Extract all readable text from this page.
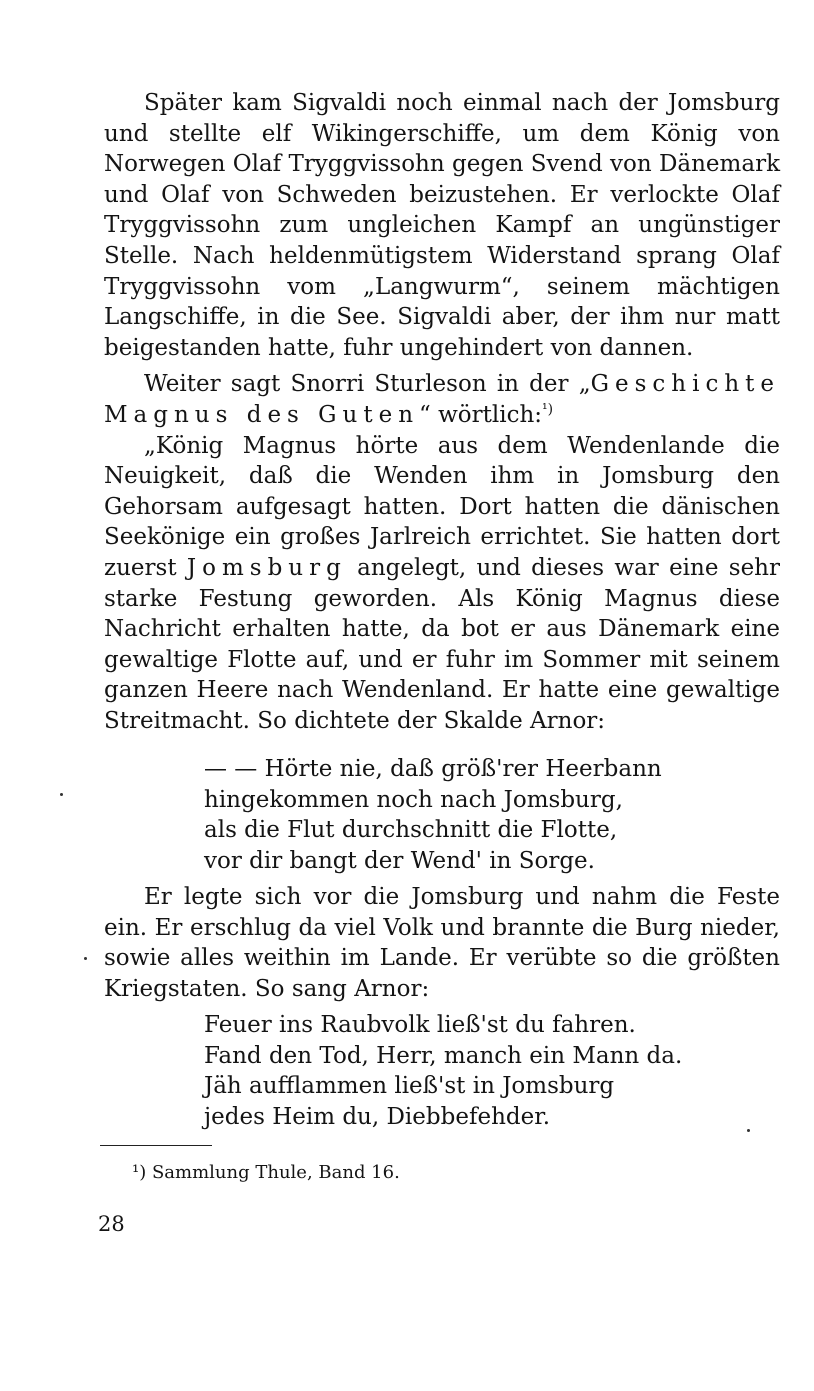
Später kam Sigvaldi noch einmal nach der Jomsburg und stellte elf Wikingerschiffe, um dem König von Norwegen Olaf Tryggvissohn gegen Svend von Dänemark und Olaf von Schweden beizustehen. Er verlockte Olaf Tryggvissohn zum ungleichen Kampf an ungünstiger Stelle. Nach heldenmütigstem Widerstand sprang Olaf Tryggvissohn vom „Langwurm“, seinem mächtigen Langschiffe, in die See. Sigvaldi aber, der ihm nur matt beigestanden hatte, fuhr ungehindert von dannen.

Weiter sagt Snorri Sturleson in der „Geschichte Magnus des Guten“ wörtlich:$^{^1)}$

„König Magnus hörte aus dem Wendenlande die Neuigkeit, daß die Wenden ihm in Jomsburg den Gehorsam aufgesagt hatten. Dort hatten die dänischen Seekönige ein großes Jarlreich errichtet. Sie hatten dort zuerst Jomsburg angelegt, und dieses war eine sehr starke Festung geworden. Als König Magnus diese Nachricht erhalten hatte, da bot er aus Dänemark eine gewaltige Flotte auf, und er fuhr im Sommer mit seinem ganzen Heere nach Wendenland. Er hatte eine gewaltige Streitmacht. So dichtete der Skalde Arnor:

— — Hörte nie, daß größ'rer Heerbann
hingekommen noch nach Jomsburg,
als die Flut durchschnitt die Flotte,
vor dir bangt der Wend' in Sorge.

Er legte sich vor die Jomsburg und nahm die Feste ein. Er erschlug da viel Volk und brannte die Burg nieder, sowie alles weithin im Lande. Er verübte so die größten Kriegstaten. So sang Arnor:

Feuer ins Raubvolk ließ'st du fahren.
Fand den Tod, Herr, manch ein Mann da.
Jäh aufflammen ließ'st in Jomsburg
jedes Heim du, Diebbefehder.
¹) Sammlung Thule, Band 16.
28
